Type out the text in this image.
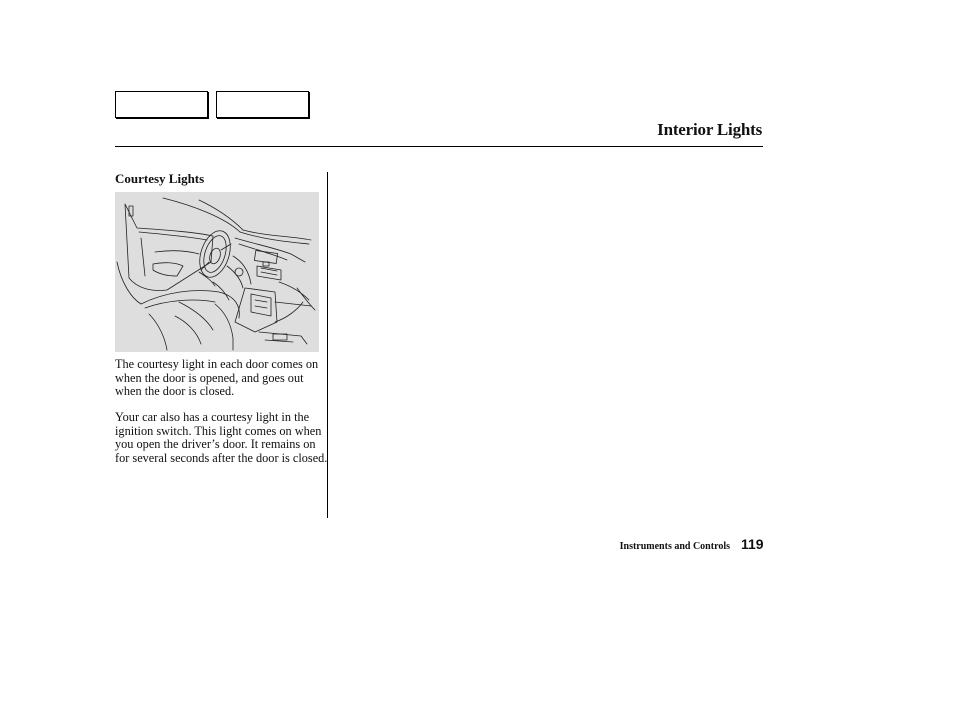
Interior Lights
Courtesy Lights

The courtesy light in each door comes on when the door is opened, and goes out when the door is closed.

Your car also has a courtesy light in the ignition switch. This light comes on when you open the driver’s door. It remains on for several seconds after the door is closed.

Instruments and Controls 119
